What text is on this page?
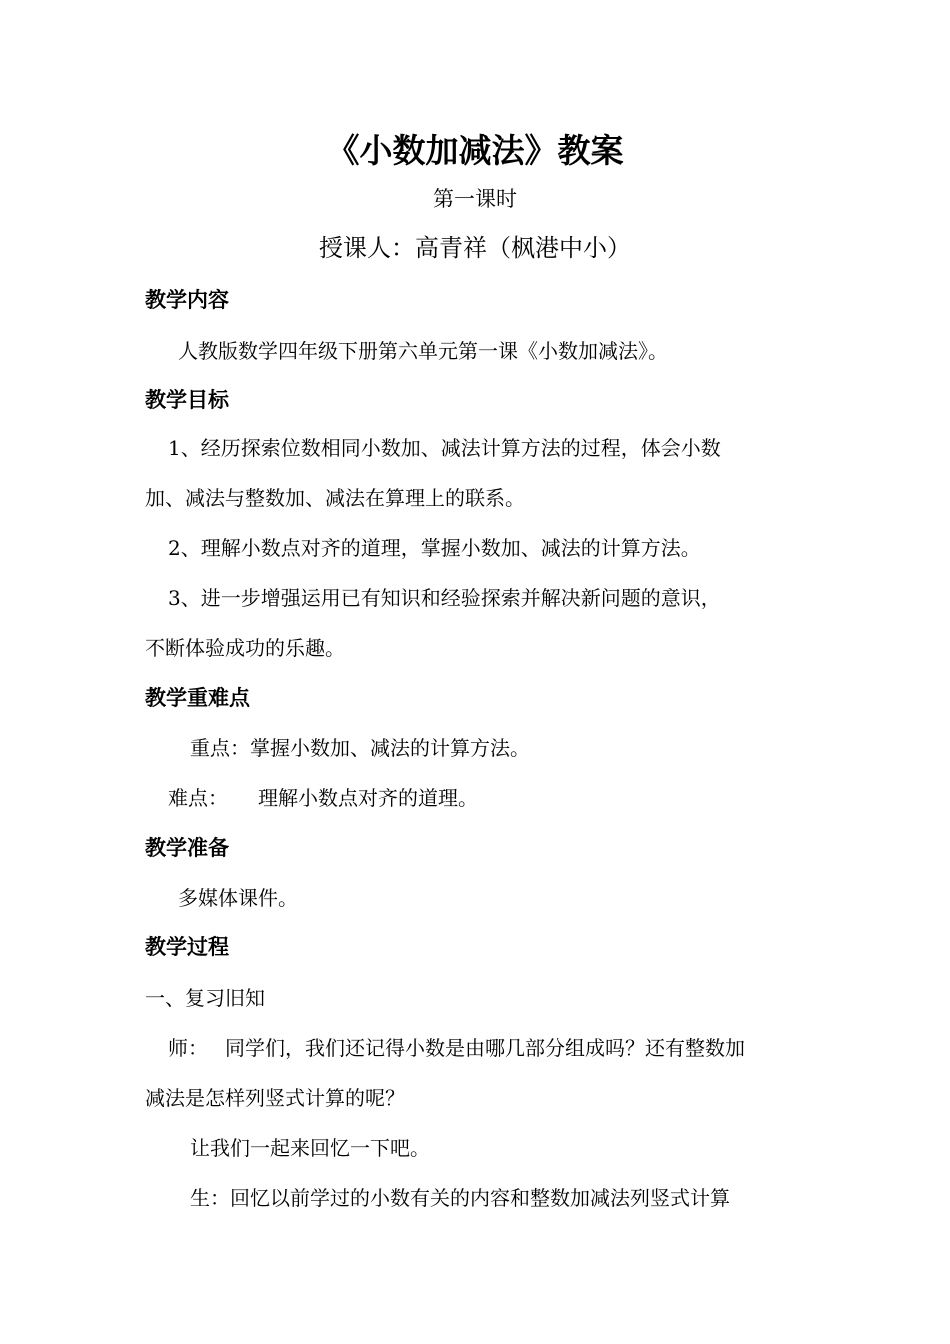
《小数加减法》教案
第一课时
授课人：高青祥（枫港中小）
教学内容
人教版数学四年级下册第六单元第一课《小数加减法》。
教学目标
1、经历探索位数相同小数加、减法计算方法的过程，体会小数
加、减法与整数加、减法在算理上的联系。
2、理解小数点对齐的道理，掌握小数加、减法的计算方法。
3、进一步增强运用已有知识和经验探索并解决新问题的意识，
不断体验成功的乐趣。
教学重难点
重点：掌握小数加、减法的计算方法。
难点： 理解小数点对齐的道理。
教学准备
多媒体课件。
教学过程
一、复习旧知
师： 同学们，我们还记得小数是由哪几部分组成吗？还有整数加
减法是怎样列竖式计算的呢？
让我们一起来回忆一下吧。
生：回忆以前学过的小数有关的内容和整数加减法列竖式计算
